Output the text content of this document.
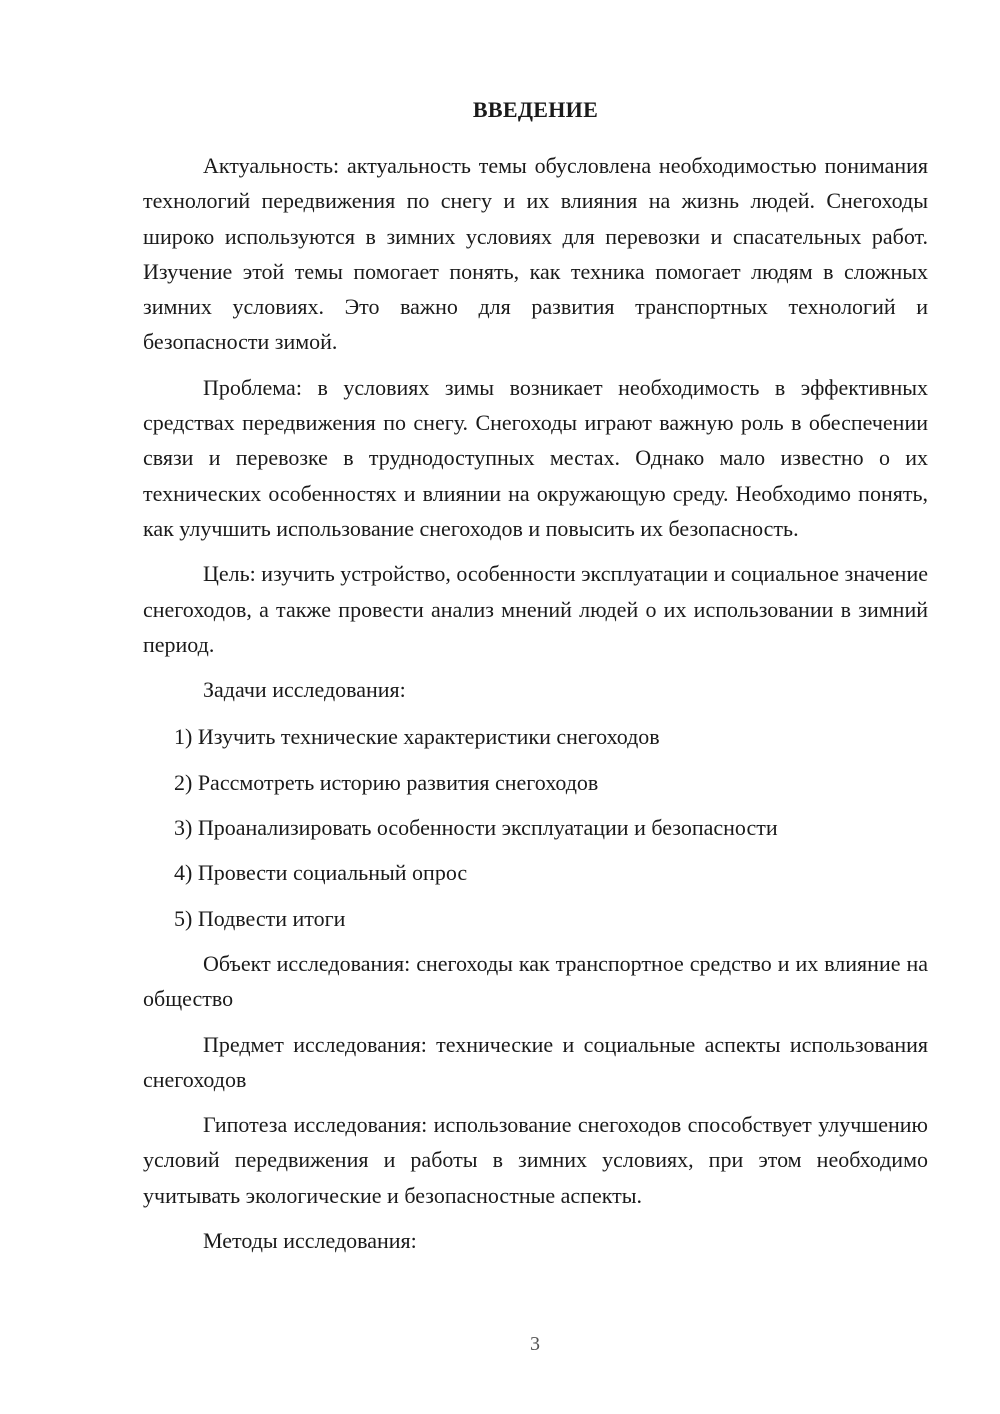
ВВЕДЕНИЕ

Актуальность: актуальность темы обусловлена необходимостью понимания технологий передвижения по снегу и их влияния на жизнь людей. Снегоходы широко используются в зимних условиях для перевозки и спасательных работ. Изучение этой темы помогает понять, как техника помогает людям в сложных зимних условиях. Это важно для развития транспортных технологий и безопасности зимой.

Проблема: в условиях зимы возникает необходимость в эффективных средствах передвижения по снегу. Снегоходы играют важную роль в обеспечении связи и перевозке в труднодоступных местах. Однако мало известно о их технических особенностях и влиянии на окружающую среду. Необходимо понять, как улучшить использование снегоходов и повысить их безопасность.

Цель: изучить устройство, особенности эксплуатации и социальное значение снегоходов, а также провести анализ мнений людей о их использовании в зимний период.

Задачи исследования:

1) Изучить технические характеристики снегоходов
2) Рассмотреть историю развития снегоходов
3) Проанализировать особенности эксплуатации и безопасности
4) Провести социальный опрос
5) Подвести итоги

Объект исследования: снегоходы как транспортное средство и их влияние на общество

Предмет исследования: технические и социальные аспекты использования снегоходов

Гипотеза исследования: использование снегоходов способствует улучшению условий передвижения и работы в зимних условиях, при этом необходимо учитывать экологические и безопасностные аспекты.

Методы исследования:

3
